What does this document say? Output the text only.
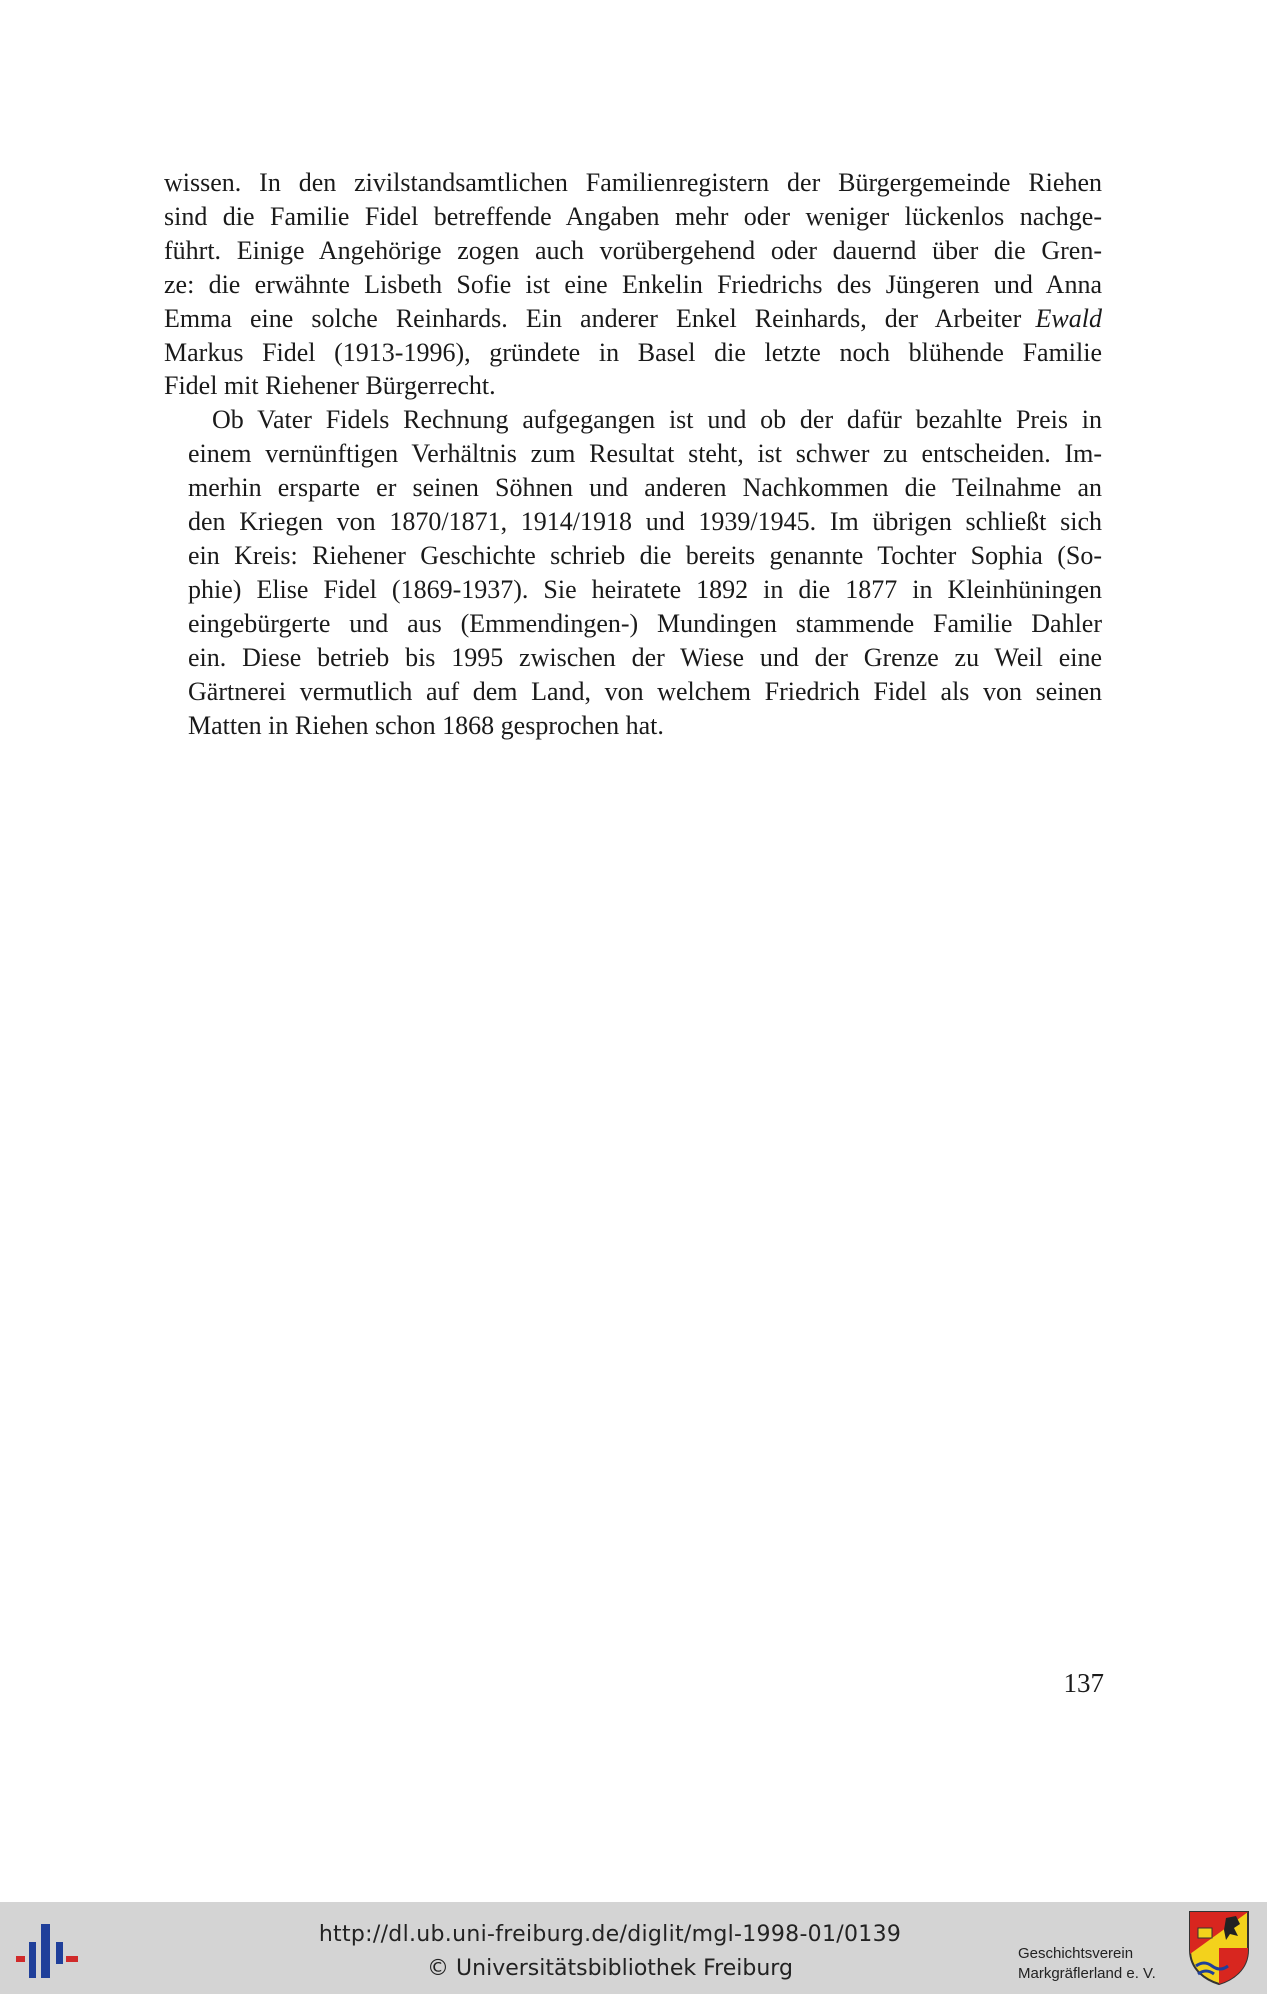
wissen. In den zivilstandsamtlichen Familienregistern der Bürgergemeinde Riehen
sind die Familie Fidel betreffende Angaben mehr oder weniger lückenlos nachge-
führt. Einige Angehörige zogen auch vorübergehend oder dauernd über die Gren-
ze: die erwähnte Lisbeth Sofie ist eine Enkelin Friedrichs des Jüngeren und Anna
Emma eine solche Reinhards. Ein anderer Enkel Reinhards, der Arbeiter Ewald
Markus Fidel (1913-1996), gründete in Basel die letzte noch blühende Familie
Fidel mit Riehener Bürgerrecht.

Ob Vater Fidels Rechnung aufgegangen ist und ob der dafür bezahlte Preis in
einem vernünftigen Verhältnis zum Resultat steht, ist schwer zu entscheiden. Im-
merhin ersparte er seinen Söhnen und anderen Nachkommen die Teilnahme an
den Kriegen von 1870/1871, 1914/1918 und 1939/1945. Im übrigen schließt sich
ein Kreis: Riehener Geschichte schrieb die bereits genannte Tochter Sophia (So-
phie) Elise Fidel (1869-1937). Sie heiratete 1892 in die 1877 in Kleinhüningen
eingebürgerte und aus (Emmendingen-) Mundingen stammende Familie Dahler
ein. Diese betrieb bis 1995 zwischen der Wiese und der Grenze zu Weil eine
Gärtnerei vermutlich auf dem Land, von welchem Friedrich Fidel als von seinen
Matten in Riehen schon 1868 gesprochen hat.

137
http://dl.ub.uni-freiburg.de/diglit/mgl-1998-01/0139
© Universitätsbibliothek Freiburg
Geschichtsverein
Markgräflerland e. V.
